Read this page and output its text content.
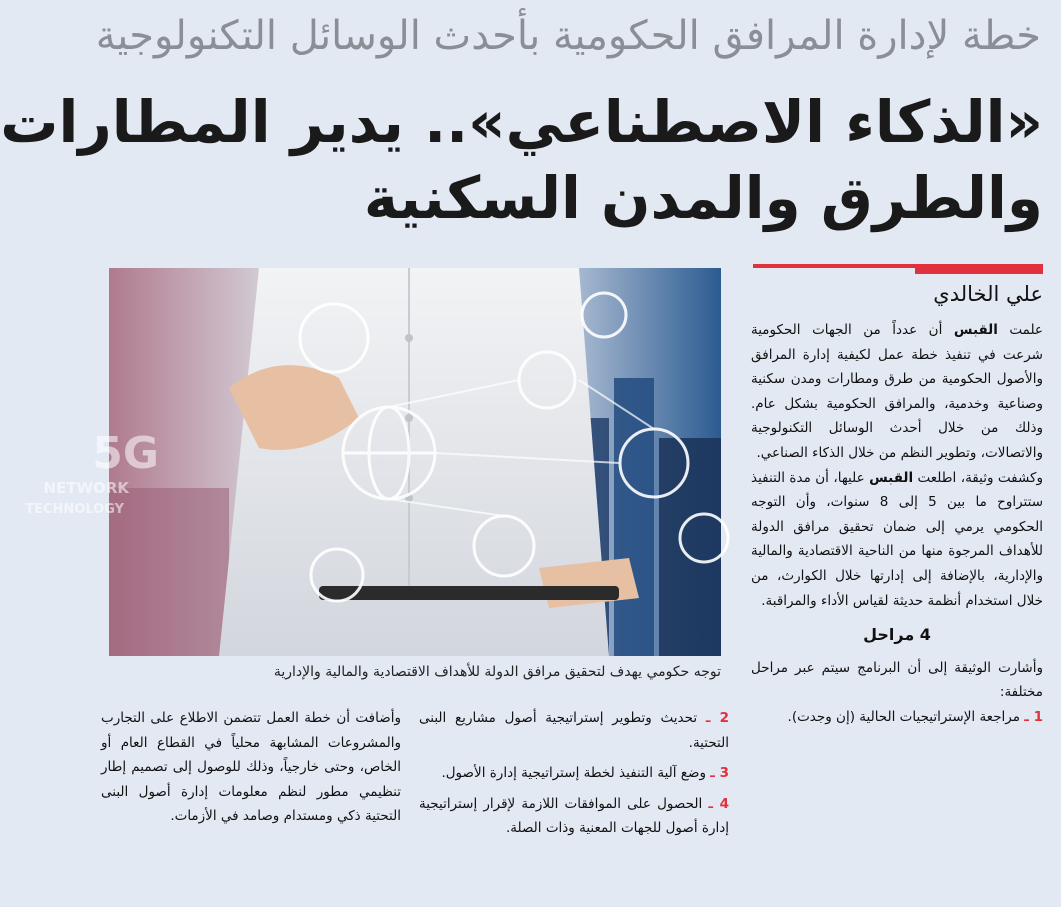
خطة لإدارة المرافق الحكومية بأحدث الوسائل التكنولوجية
«الذكاء الاصطناعي».. يدير المطارات
والطرق والمدن السكنية
علي الخالدي
5G
NETWORK
TECHNOLOGY
توجه حكومي يهدف لتحقيق مرافق الدولة للأهداف الاقتصادية والمالية والإدارية

علمت القبس أن عدداً من الجهات الحكومية شرعت في تنفيذ خطة عمل لكيفية إدارة المرافق والأصول الحكومية من طرق ومطارات ومدن سكنية وصناعية وخدمية، والمرافق الحكومية بشكل عام. وذلك من خلال أحدث الوسائل التكنولوجية والاتصالات، وتطوير النظم من خلال الذكاء الصناعي.

وكشفت وثيقة، اطلعت القبس عليها، أن مدة التنفيذ ستتراوح ما بين 5 إلى 8 سنوات، وأن التوجه الحكومي يرمي إلى ضمان تحقيق مرافق الدولة للأهداف المرجوة منها من الناحية الاقتصادية والمالية والإدارية، بالإضافة إلى إدارتها خلال الكوارث، من خلال استخدام أنظمة حديثة لقياس الأداء والمراقبة.

4 مراحل

وأشارت الوثيقة إلى أن البرنامج سيتم عبر مراحل مختلفة:

1 ـ مراجعة الإستراتيجيات الحالية (إن وجدت).

2 ـ تحديث وتطوير إستراتيجية أصول مشاريع البنى التحتية.

3 ـ وضع آلية التنفيذ لخطة إستراتيجية إدارة الأصول.

4 ـ الحصول على الموافقات اللازمة لإقرار إستراتيجية إدارة أصول للجهات المعنية وذات الصلة.

وأضافت أن خطة العمل تتضمن الاطلاع على التجارب والمشروعات المشابهة محلياً في القطاع العام أو الخاص، وحتى خارجياً، وذلك للوصول إلى تصميم إطار تنظيمي مطور لنظم معلومات إدارة أصول البنى التحتية ذكي ومستدام وصامد في الأزمات.
